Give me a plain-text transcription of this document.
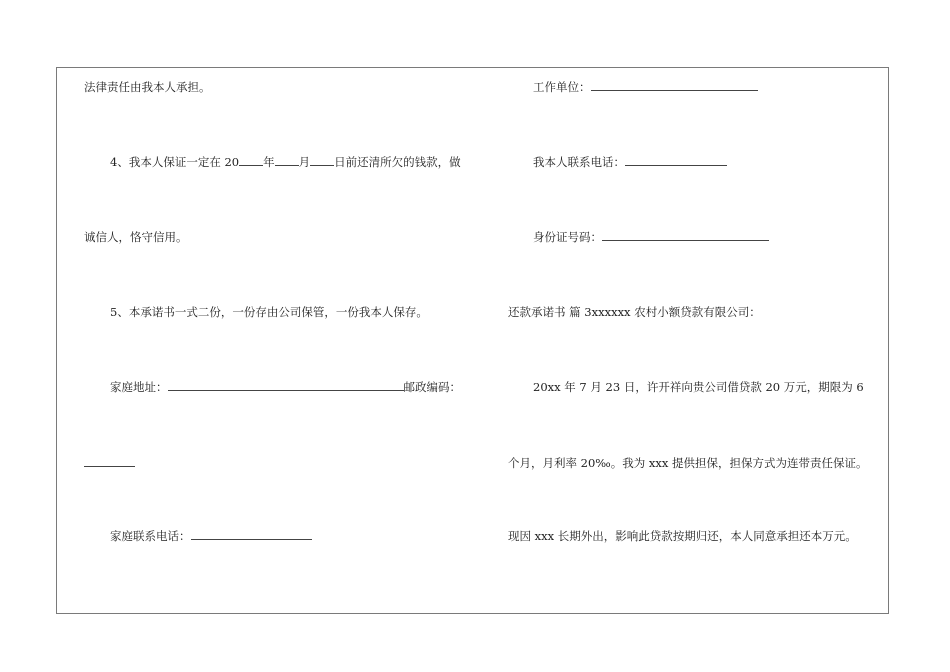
法律责任由我本人承担。
4、我本人保证一定在 20 年 月 日前还清所欠的钱款，做
诚信人，恪守信用。
5、本承诺书一式二份，一份存由公司保管，一份我本人保存。
家庭地址：	邮政编码：
家庭联系电话：
工作单位：
我本人联系电话：
身份证号码：
还款承诺书 篇 3xxxxxx 农村小额贷款有限公司：
20xx 年 7 月 23 日，许开祥向贵公司借贷款 20 万元，期限为 6
个月，月利率 20‰。我为 xxx 提供担保，担保方式为连带责任保证。
现因 xxx 长期外出，影响此贷款按期归还，本人同意承担还本万元。
